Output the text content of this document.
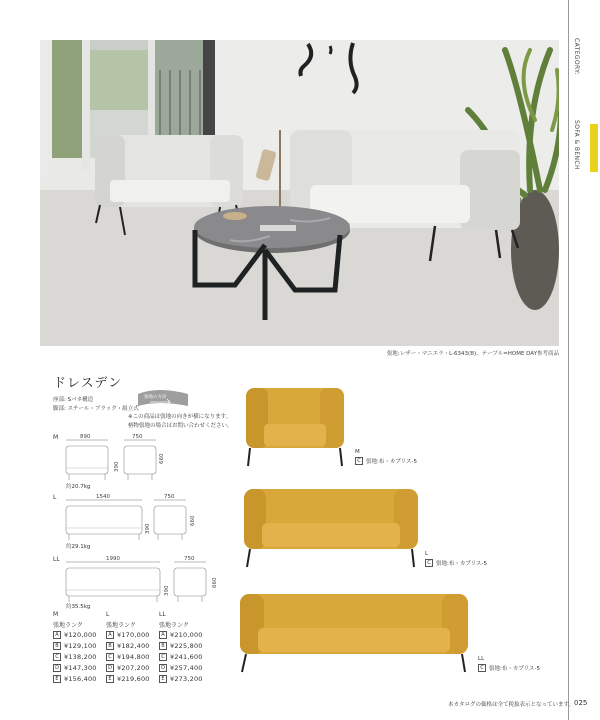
張地:レザー・マニエラ・L-6343(B)、テーブル=HOME DAY参考商品
CATEGORY:
SOFA & BENCH
ドレスデン
座部: Sバネ構造
脚部: スチール・ブラック・組立式
張地の方向
※この商品は張地の向きが横になります。
柄物張地の場合はお問い合わせください。
M	890	750
390
660
約20.7kg
L	1540	750
390
660
約29.1kg
LL	1990	750
390
660
約35.5kg
M
張地ランク
A ¥120,000
B ¥129,100
C ¥138,200
D ¥147,300
E ¥156,400
L
張地ランク
A ¥170,000
B ¥182,400
C ¥194,800
D ¥207,200
E ¥219,600
LL
張地ランク
A ¥210,000
B ¥225,800
C ¥241,600
D ¥257,400
E ¥273,200
M
C 張地:布・カプリス-5
L
C 張地:布・カプリス-5
LL
C 張地:布・カプリス-5
本カタログの価格は全て税抜表示となっています。 025
